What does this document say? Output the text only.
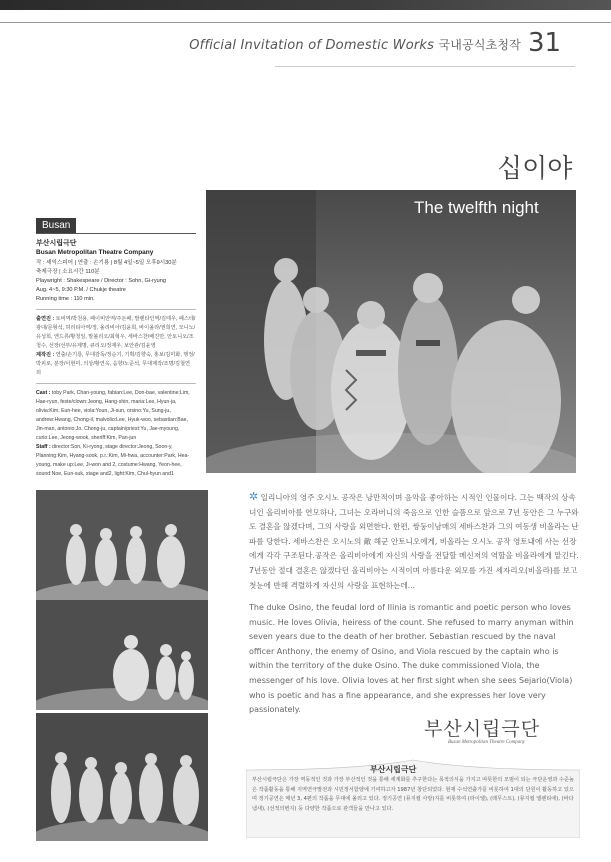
Official Invitation of Domestic Works 국내공식초청작 31
십이야
Busan
부산시립극단
Busan Metropolitan Theatre Company
작 : 셰익스피어 | 연출 : 손기룡 | 8월 4일~5일 오후9시30분
축제극장 | 소요시간 110분
Playwright : Shakespeare / Director : Sohn, Gi-ryung
Aug. 4~5, 9:30 P.M. / Chukje theatre
Running time : 110 min.
출연진 : 토비역/박천용, 페이비안역/주돈배, 발렌타인역/김태우, 페스테/광대/문형석, 허리티아역/정, 올리비아/김윤희, 바이올라/권희연, 모니노/유성희, 앤드류/황청일, 말볼리오/최혁우, 세바스찬/배진만, 안토니오/조청수, 선장/선부/유제명, 큐리오/정재우, 보안관/김윤영
제작진 : 연출/손기룡, 무대감독/정순기, 기획/김향숙, 홍보/김미화, 행정/박피로, 분장/이현미, 의상/황연옥, 음향/노준석, 무대제작/조명/김철연 외
Cast : toby Park, Chan-young, fabian:Lee, Don-bae, valentine:Lim, Hae-ryun, feste/clown:Jeong, Hang-shin, maria:Lee, Hyun-ja, olivia:Kim, Eun-hee, viola:Youn, Ji-sun, orsino:Yu, Sung-ju, andrew:Hwang, Chong-il, malvolio:Lee, Hyuk-woo, sebastian:Bae, Jin-man, antonio:Jo, Chong-ju, captain/priest:Yu, Jae-myoung, curio:Lee, Jeong-wook, sheriff:Kim, Pan-jun
Staff : director:Son, Ki-ryong, stage director:Jeong, Soon-y, Planning:Kim, Hyang-sook, p.r.:Kim, Mi-hwa, accounter:Park, Hea-young, make up:Lee, Ji-won and 2, costume:Hwang, Yeon-hee, sound:Noe, Eun-suk, stage and2, light:Kim, Chul-hyun and1
The twelfth night
✲ 일리니아의 영주 오시노 공작은 낭만적이며 음악을 좋아하는 시적인 인물이다. 그는 백작의 상속녀인 올리비아를 연모하나, 그녀는 오라버니의 죽음으로 인한 슬픔으로 앞으로 7년 동안은 그 누구와도 결혼을 않겠다며, 그의 사랑을 외면한다. 한편, 쌍둥이남매의 세바스찬과 그의 여동생 비올라는 난파를 당한다. 세바스찬은 오시노의 敵 해군 안토니오에게, 비올라는 오시노 공작 영토내에 사는 선장에게 각각 구조된다.공작은 올리비아에게 자신의 사랑을 전달할 메신저의 역할을 비올라에게 맡긴다. 7년동안 절대 결혼은 않겠다던 올리비아는 시적이며 아름다운 외모를 가진 세자리오(비올라)를 보고 첫눈에 반해 격렬하게 자신의 사랑을 표현하는데...
The duke Osino, the feudal lord of Ilinia is romantic and poetic person who loves music. He loves Olivia, heiress of the count. She refused to marry anyman within seven years due to the death of her brother. Sebastian rescued by the naval officer Anthony, the enemy of Osino, and Viola rescued by the captain who is within the territory of the duke Osino. The duke commissioned Viola, the messenger of his love. Olivia loves at her first sight when she sees Sejario(Viola) who is poetic and has a fine appearance, and she expresses her love very passionately.
부산시립극단
Busan Metropolitan Theatre Company
부산시립극단
부산시립극단은 가장 역동적인 것과 가장 부산적인 것을 통해 세계화를 추구한다는 목적의식을 가지고 따뜻한의 모범이 되는 극단운영과 수준높은 작품활동을 통해 지역연극발전과 시민정서함양에 기여하고자 1987년 창단되었다. 현재 수석연출가를 비롯하여 1대의 단원이 활동하고 있으며 정기공연은 매년 3, 4편의 작품을 무대에 올리고 있다. 정기공연 (뮤지컬 사랑)지를 비롯하여 (라이엘), (레무스트), (뮤지컬 엘렌티에), (바다 냄새), (선적의변지) 등 다양한 작품으로 관객들을 만나고 있다.
